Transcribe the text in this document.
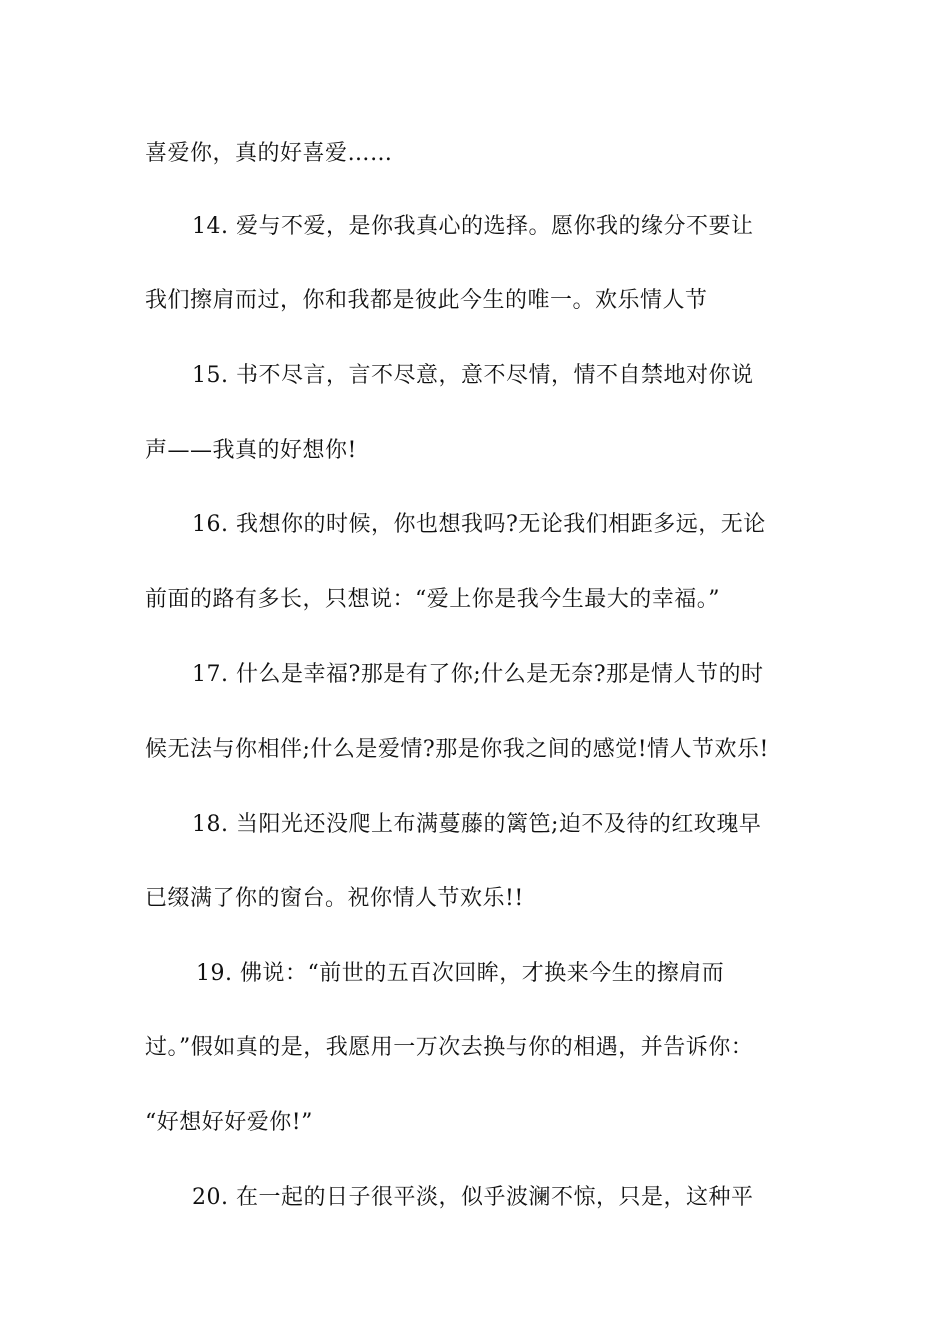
喜爱你，真的好喜爱……
14. 爱与不爱，是你我真心的选择。愿你我的缘分不要让
我们擦肩而过，你和我都是彼此今生的唯一。欢乐情人节
15. 书不尽言，言不尽意，意不尽情，情不自禁地对你说
声——我真的好想你!
16. 我想你的时候，你也想我吗?无论我们相距多远，无论
前面的路有多长，只想说：“爱上你是我今生最大的幸福。”
17. 什么是幸福?那是有了你;什么是无奈?那是情人节的时
候无法与你相伴;什么是爱情?那是你我之间的感觉!情人节欢乐!
18. 当阳光还没爬上布满蔓藤的篱笆;迫不及待的红玫瑰早
已缀满了你的窗台。祝你情人节欢乐!!
19. 佛说：“前世的五百次回眸，才换来今生的擦肩而
过。”假如真的是，我愿用一万次去换与你的相遇，并告诉你：
“好想好好爱你!”
20. 在一起的日子很平淡，似乎波澜不惊，只是，这种平
